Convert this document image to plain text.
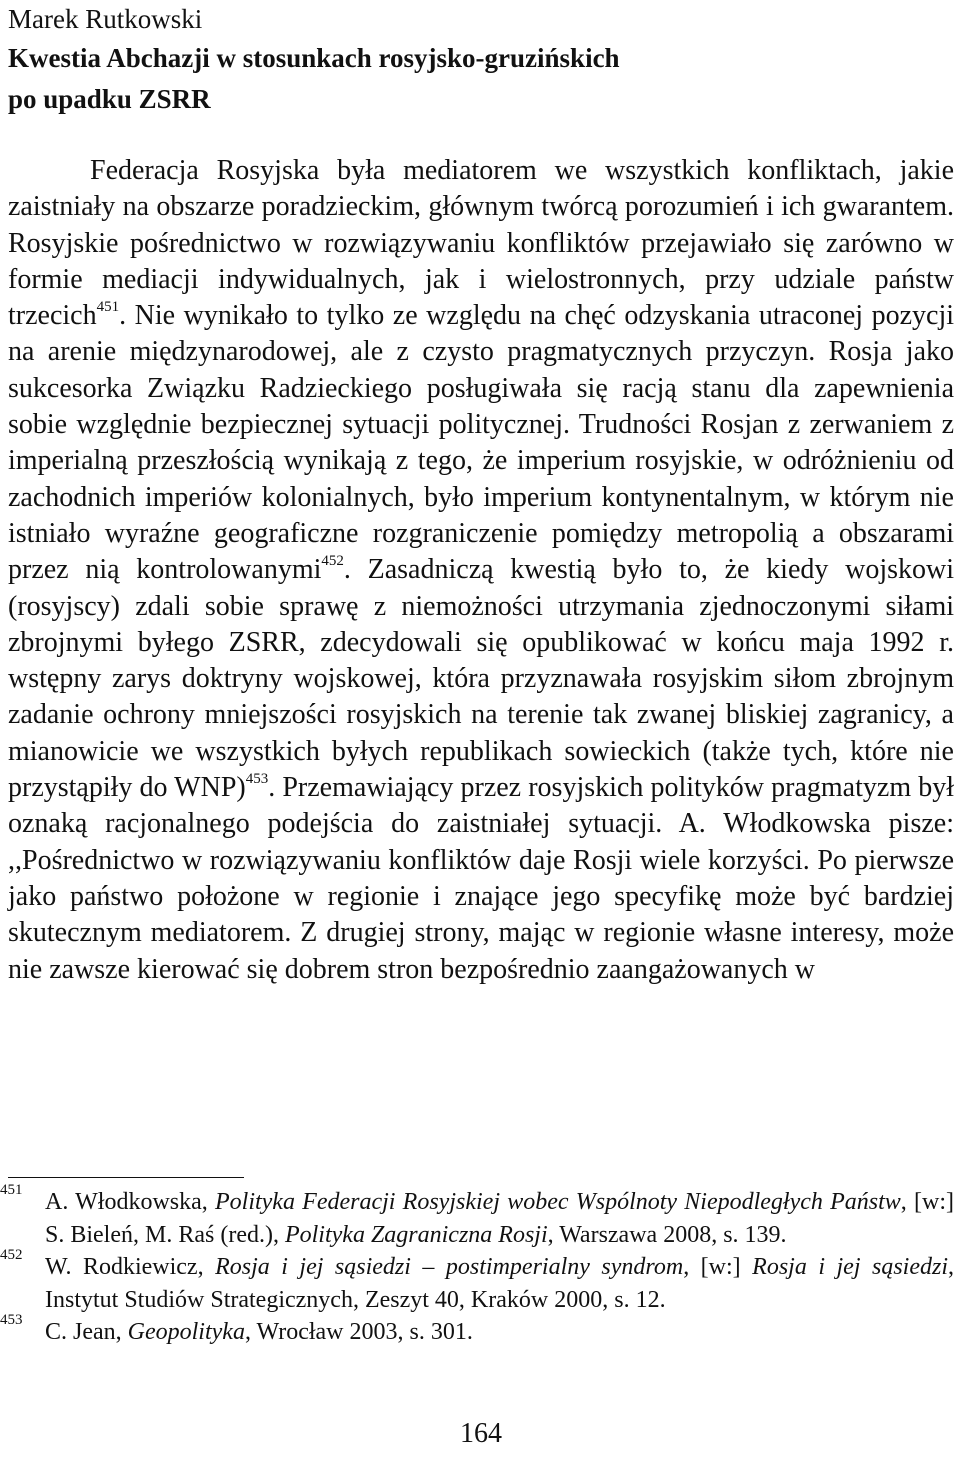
Marek Rutkowski
Kwestia Abchazji w stosunkach rosyjsko-gruzińskich
po upadku ZSRR

Federacja Rosyjska była mediatorem we wszystkich konfliktach, jakie zaistniały na obszarze poradzieckim, głównym twórcą porozumień i ich gwarantem. Rosyjskie pośrednictwo w rozwiązywaniu konfliktów przejawiało się zarówno w formie mediacji indywidualnych, jak i wielostronnych, przy udziale państw trzecich$^{451}$. Nie wynikało to tylko ze względu na chęć odzyskania utraconej pozycji na arenie międzynarodowej, ale z czysto pragmatycznych przyczyn. Rosja jako sukcesorka Związku Radzieckiego posługiwała się racją stanu dla zapewnienia sobie względnie bezpiecznej sytuacji politycznej. Trudności Rosjan z zerwaniem z imperialną przeszłością wynikają z tego, że imperium rosyjskie, w odróżnieniu od zachodnich imperiów kolonialnych, było imperium kontynentalnym, w którym nie istniało wyraźne geograficzne rozgraniczenie pomiędzy metropolią a obszarami przez nią kontrolowanymi$^{452}$. Zasadniczą kwestią było to, że kiedy wojskowi (rosyjscy) zdali sobie sprawę z niemożności utrzymania zjednoczonymi siłami zbrojnymi byłego ZSRR, zdecydowali się opublikować w końcu maja 1992 r. wstępny zarys doktryny wojskowej, która przyznawała rosyjskim siłom zbrojnym zadanie ochrony mniejszości rosyjskich na terenie tak zwanej bliskiej zagranicy, a mianowicie we wszystkich byłych republikach sowieckich (także tych, które nie przystąpiły do WNP)$^{453}$. Przemawiający przez rosyjskich polityków pragmatyzm był oznaką racjonalnego podejścia do zaistniałej sytuacji. A. Włodkowska pisze: ,,Pośrednictwo w rozwiązywaniu konfliktów daje Rosji wiele korzyści. Po pierwsze jako państwo położone w regionie i znające jego specyfikę może być bardziej skutecznym mediatorem. Z drugiej strony, mając w regionie własne interesy, może nie zawsze kierować się dobrem stron bezpośrednio zaangażowanych w

451 A. Włodkowska, Polityka Federacji Rosyjskiej wobec Wspólnoty Niepodległych Państw, [w:] S. Bieleń, M. Raś (red.), Polityka Zagraniczna Rosji, Warszawa 2008, s. 139.

452 W. Rodkiewicz, Rosja i jej sąsiedzi – postimperialny syndrom, [w:] Rosja i jej sąsiedzi, Instytut Studiów Strategicznych, Zeszyt 40, Kraków 2000, s. 12.

453 C. Jean, Geopolityka, Wrocław 2003, s. 301.

164
